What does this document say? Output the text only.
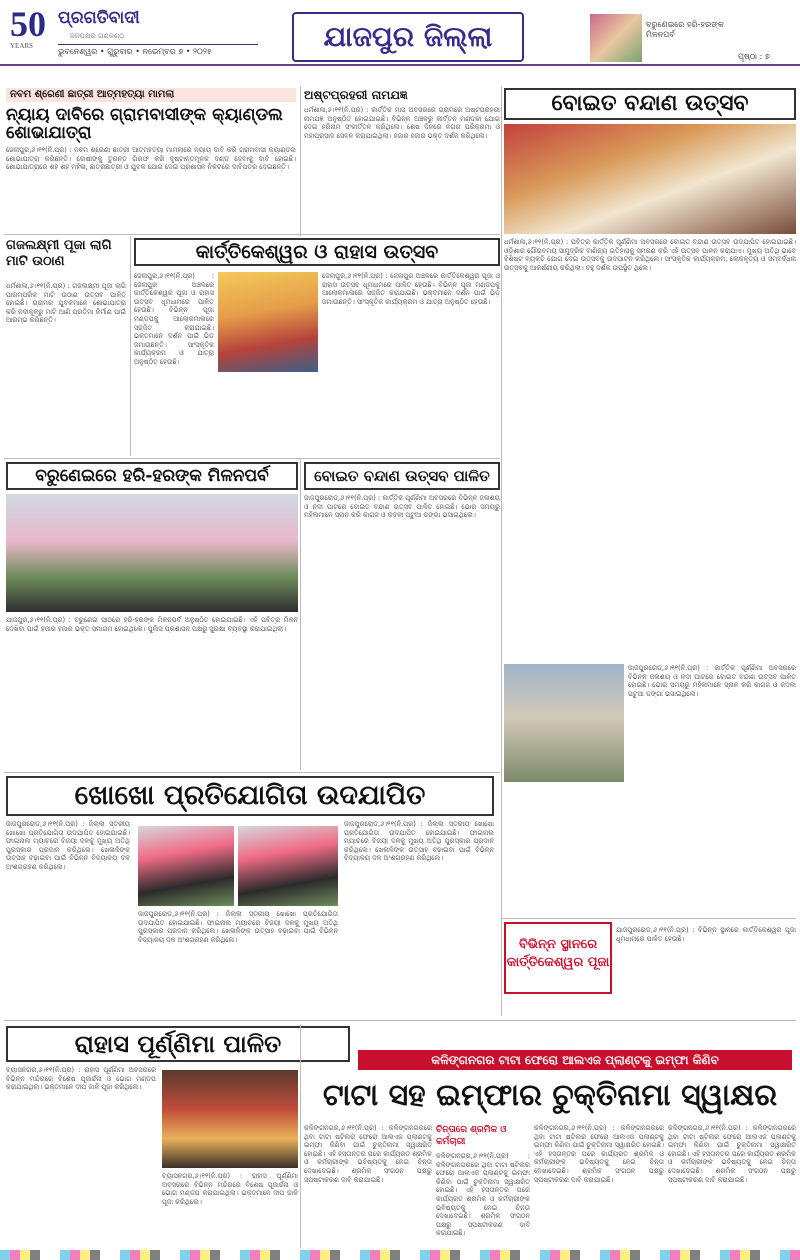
50
YEARS
ପ୍ରଗତିବାଦୀ
ଜନପକ୍ଷର ଗଣକଣ୍ଠ
ଭୁବନେଶ୍ୱର • ଗୁରୁବାର • ନଭେମ୍ବର ୭ • ୨୦୨୫	ଯାଜପୁର ଜିଲ୍ଲା	ବରୁଣେଇରେ ହରି-ହରଙ୍କ ମିଳନପର୍ବ
ପୃଷ୍ଠା : ୭
ନବମ ଶ୍ରେଣୀ ଛାତ୍ରୀ ଆତ୍ମହତ୍ୟା ମାମଲା
ନ୍ୟାୟ ଦାବିରେ ଗ୍ରାମବାସୀଙ୍କ କ୍ୟାଣ୍ଡଲ ଶୋଭାଯାତ୍ରା
ଜେନାପୁର,୬।୧୧(ନି.ପ୍ର) : ନବମ ଶ୍ରେଣୀ ଛାତ୍ରୀ ଆତ୍ମହତ୍ୟା ମାମଲାରେ ନ୍ୟାୟ ଦାବି କରି ଗ୍ରାମବାସୀ କ୍ୟାଣ୍ଡଲ ଶୋଭାଯାତ୍ରା କରିଛନ୍ତି। ଦୋଷୀଙ୍କୁ ତୁରନ୍ତ ଗିରଫ କରି ଦୃଷ୍ଟାନ୍ତମୂଳକ ଦଣ୍ଡ ଦେବାକୁ ଦାବି ହୋଇଛି। ଶୋଭାଯାତ୍ରାରେ ଶହ ଶହ ମହିଳା, ଛାତ୍ରଛାତ୍ରୀ ଓ ଯୁବକ ଯୋଗ ଦେଇ ପ୍ରଶାସନ ନିକଟରେ ଦାବିପତ୍ର ଦେଇଛନ୍ତି।
ଅଷ୍ଟପ୍ରହରୀ ନାମଯଜ୍ଞ
ଧର୍ମଶାଳା,୬।୧୧(ନି.ପ୍ର) : କାର୍ତ୍ତିକ ମାସ ଅବସରରେ ଗ୍ରାମରେ ଅଷ୍ଟପ୍ରହରୀ ନାମଯଜ୍ଞ ଅନୁଷ୍ଠିତ ହୋଇଯାଇଛି। ବିଭିନ୍ନ ଅଞ୍ଚଳରୁ କୀର୍ତ୍ତନ ମଣ୍ଡଳୀ ଯୋଗ ଦେଇ ହରିନାମ ସଂକୀର୍ତ୍ତନ କରିଥିଲେ। ଶେଷ ଦିନରେ ନଗର ପରିକ୍ରମା ଓ ମହାପ୍ରସାଦ ସେବନ କରାଯାଇଥିଲା। ହଜାର ହଜାର ଭକ୍ତ ଦର୍ଶନ କରିଥିଲେ।
ବୋଇତ ବନ୍ଦାଣ ଉତ୍ସବ
ଧର୍ମଶାଳା,୬।୧୧(ନି.ପ୍ର) : ପବିତ୍ର କାର୍ତ୍ତିକ ପୂର୍ଣ୍ଣିମା ଅବସରରେ ବୋଇତ ବନ୍ଦାଣ ଉତ୍ସବ ଉଦ୍ଯାପିତ ହୋଇଯାଇଛି। ଓଡ଼ିଶାର ଗୌରବମୟ ସାମୁଦ୍ରିକ ବାଣିଜ୍ୟ ଇତିହାସକୁ ସ୍ମରଣ କରି ଏହି ଉତ୍ସବ ପାଳନ କରାଯାଏ। ମୁଖ୍ୟ ଅତିଥି ଭାବେ ବିଶିଷ୍ଟ ବ୍ୟକ୍ତି ଯୋଗ ଦେଇ ଉତ୍ସବକୁ ଉଦଘାଟନ କରିଥିଲେ। ସାଂସ୍କୃତିକ କାର୍ଯ୍ୟକ୍ରମ, ଲୋକନୃତ୍ୟ ଓ ସମ୍ବର୍ଦ୍ଧନା ଉତ୍ସବକୁ ଆକର୍ଷଣୀୟ କରିଥିଲା। ବହୁ ଦର୍ଶକ ଉପସ୍ଥିତ ଥିଲେ।
ଗଜଲକ୍ଷ୍ମୀ ପୂଜା ଲାଗି ମାଟି ଉଠାଣ
ଧର୍ମଶାଳା,୬।୧୧(ନି.ପ୍ର) : ଗଜଲକ୍ଷ୍ମୀ ପୂଜା ଲାଗି ପାରମ୍ପରିକ ମାଟି ଉଠାଣ ଉତ୍ସବ ପାଳିତ ହୋଇଛି। ଗ୍ରାମର ଯୁବକମାନେ ଶୋଭାଯାତ୍ରା କରି ନଦୀକୂଳରୁ ମାଟି ଆଣି ପ୍ରତିମା ନିର୍ମାଣ ପାଇଁ ଆରମ୍ଭ କରିଛନ୍ତି।
କାର୍ତ୍ତିକେଶ୍ୱର ଓ ରାହାସ ଉତ୍ସବ
ଜେନାପୁର,୬।୧୧(ନି.ପ୍ର) : ଜେନାପୁର ଅଞ୍ଚଳରେ କାର୍ତ୍ତିକେଶ୍ୱର ପୂଜା ଓ ରାହାସ ଉତ୍ସବ ଧୂମଧାମରେ ପାଳିତ ହେଉଛି। ବିଭିନ୍ନ ପୂଜା ମଣ୍ଡପକୁ ଆଲୋକମାଳାରେ ସଜ୍ଜିତ କରାଯାଇଛି। ଭକ୍ତମାନେ ଦର୍ଶନ ପାଇଁ ଭିଡ଼ ଜମାଉଛନ୍ତି। ସାଂସ୍କୃତିକ କାର୍ଯ୍ୟକ୍ରମ ଓ ଯାତ୍ରା ଅନୁଷ୍ଠିତ ହେଉଛି।
ଜେନାପୁର,୬।୧୧(ନି.ପ୍ର) : ଜେନାପୁର ଅଞ୍ଚଳରେ କାର୍ତ୍ତିକେଶ୍ୱର ପୂଜା ଓ ରାହାସ ଉତ୍ସବ ଧୂମଧାମରେ ପାଳିତ ହେଉଛି। ବିଭିନ୍ନ ପୂଜା ମଣ୍ଡପକୁ ଆଲୋକମାଳାରେ ସଜ୍ଜିତ କରାଯାଇଛି। ଭକ୍ତମାନେ ଦର୍ଶନ ପାଇଁ ଭିଡ଼ ଜମାଉଛନ୍ତି। ସାଂସ୍କୃତିକ କାର୍ଯ୍ୟକ୍ରମ ଓ ଯାତ୍ରା ଅନୁଷ୍ଠିତ ହେଉଛି।
ବରୁଣେଇରେ ହରି-ହରଙ୍କ ମିଳନପର୍ବ
ଯାଜପୁର,୬।୧୧(ନି.ପ୍ର) : ବରୁଣେଇ ପୀଠରେ ହରି-ହରଙ୍କ ମିଳନପର୍ବ ଅନୁଷ୍ଠିତ ହୋଇଯାଇଛି। ଏହି ପବିତ୍ର ମିଳନ ଦେଖିବା ପାଇଁ ହଜାର ହଜାର ଭକ୍ତ ସମାଗମ ହୋଇଥିଲେ। ପୁଲିସ ପ୍ରଶାସନ ପକ୍ଷରୁ ସୁରକ୍ଷା ବ୍ୟବସ୍ଥା କରାଯାଇଥିଲା।
ବୋଇତ ବନ୍ଦାଣ ଉତ୍ସବ ପାଳିତ
ଜାଜପୁରରୋଡ,୬।୧୧(ନି.ପ୍ର) : କାର୍ତ୍ତିକ ପୂର୍ଣ୍ଣିମା ଅବସରରେ ବିଭିନ୍ନ ଜଳାଶୟ ଓ ନଦୀ ଘାଟରେ ବୋଇତ ବନ୍ଦାଣ ଉତ୍ସବ ପାଳିତ ହୋଇଛି। ଭୋର ସମୟରୁ ମହିଳାମାନେ ସ୍ନାନ କରି କାଗଜ ଓ କଦଳୀ ପଟୁଆ ଡଙ୍ଗା ଭସାଇଥିଲେ।
ଜାଜପୁରରୋଡ,୬।୧୧(ନି.ପ୍ର) : କାର୍ତ୍ତିକ ପୂର୍ଣ୍ଣିମା ଅବସରରେ ବିଭିନ୍ନ ଜଳାଶୟ ଓ ନଦୀ ଘାଟରେ ବୋଇତ ବନ୍ଦାଣ ଉତ୍ସବ ପାଳିତ ହୋଇଛି। ଭୋର ସମୟରୁ ମହିଳାମାନେ ସ୍ନାନ କରି କାଗଜ ଓ କଦଳୀ ପଟୁଆ ଡଙ୍ଗା ଭସାଇଥିଲେ।
ଖୋଖୋ ପ୍ରତିଯୋଗିତା ଉଦଯାପିତ
ଜାଜପୁରରୋଡ,୬।୧୧(ନି.ପ୍ର) : ଜିଲ୍ଲା ସ୍ତରୀୟ ଖୋଖୋ ପ୍ରତିଯୋଗିତା ଉଦଯାପିତ ହୋଇଯାଇଛି। ଫାଇନାଲ ମ୍ୟାଚରେ ବିଜୟୀ ଦଳକୁ ମୁଖ୍ୟ ଅତିଥି ପୁରସ୍କାର ପ୍ରଦାନ କରିଥିଲେ। ଖେଳାଳିଙ୍କ ଉତ୍ସାହ ବଢ଼ାଇବା ପାଇଁ ବିଭିନ୍ନ ବିଦ୍ୟାଳୟ ଦଳ ଅଂଶଗ୍ରହଣ କରିଥିଲେ।
ଜାଜପୁରରୋଡ,୬।୧୧(ନି.ପ୍ର) : ଜିଲ୍ଲା ସ୍ତରୀୟ ଖୋଖୋ ପ୍ରତିଯୋଗିତା ଉଦଯାପିତ ହୋଇଯାଇଛି। ଫାଇନାଲ ମ୍ୟାଚରେ ବିଜୟୀ ଦଳକୁ ମୁଖ୍ୟ ଅତିଥି ପୁରସ୍କାର ପ୍ରଦାନ କରିଥିଲେ। ଖେଳାଳିଙ୍କ ଉତ୍ସାହ ବଢ଼ାଇବା ପାଇଁ ବିଭିନ୍ନ ବିଦ୍ୟାଳୟ ଦଳ ଅଂଶଗ୍ରହଣ କରିଥିଲେ।
ଜାଜପୁରରୋଡ,୬।୧୧(ନି.ପ୍ର) : ଜିଲ୍ଲା ସ୍ତରୀୟ ଖୋଖୋ ପ୍ରତିଯୋଗିତା ଉଦଯାପିତ ହୋଇଯାଇଛି। ଫାଇନାଲ ମ୍ୟାଚରେ ବିଜୟୀ ଦଳକୁ ମୁଖ୍ୟ ଅତିଥି ପୁରସ୍କାର ପ୍ରଦାନ କରିଥିଲେ। ଖେଳାଳିଙ୍କ ଉତ୍ସାହ ବଢ଼ାଇବା ପାଇଁ ବିଭିନ୍ନ ବିଦ୍ୟାଳୟ ଦଳ ଅଂଶଗ୍ରହଣ କରିଥିଲେ।
ବିଭିନ୍ନ ସ୍ଥାନରେ କାର୍ତ୍ତିକେଶ୍ୱର ପୂଜା
ଯାଜପୁରରୋଡ,୬।୧୧(ନି.ପ୍ର) : ବିଭିନ୍ନ ସ୍ଥାନରେ କାର୍ତ୍ତିକେଶ୍ୱର ପୂଜା ଧୂମଧାମରେ ପାଳିତ ହେଉଛି।
ରାହାସ ପୂର୍ଣ୍ଣିମା ପାଳିତ
ବ୍ୟାସନଗର,୬।୧୧(ନି.ପ୍ର) : ରାହାସ ପୂର୍ଣ୍ଣିମା ଅବସରରେ ବିଭିନ୍ନ ମନ୍ଦିରରେ ବିଶେଷ ପୂଜାର୍ଚ୍ଚନା ଓ ଭୋଗ ମଣ୍ଡପ କରାଯାଇଥିଲା। ଭକ୍ତମାନେ ଦୀପ ଜାଳି ପୂଜା କରିଥିଲେ।
ବ୍ୟାସନଗର,୬।୧୧(ନି.ପ୍ର) : ରାହାସ ପୂର୍ଣ୍ଣିମା ଅବସରରେ ବିଭିନ୍ନ ମନ୍ଦିରରେ ବିଶେଷ ପୂଜାର୍ଚ୍ଚନା ଓ ଭୋଗ ମଣ୍ଡପ କରାଯାଇଥିଲା। ଭକ୍ତମାନେ ଦୀପ ଜାଳି ପୂଜା କରିଥିଲେ।
କଳିଙ୍ଗନଗର ଟାଟା ଫେରୋ ଆଲଏଜ ପ୍ଲାଣ୍ଟକୁ ଇମ୍ଫା କିଣିବ
ଟାଟା ସହ ଇମ୍ଫାର ଚୁକ୍ତିନାମା ସ୍ୱାକ୍ଷର
କଳିଙ୍ଗନଗର,୬।୧୧(ନି.ପ୍ର) : କଳିଙ୍ଗନଗରରେ ଥିବା ଟାଟା ଷ୍ଟିଲର ଫେରୋ ଆଲଏଜ ପ୍ଲାଣ୍ଟକୁ ଇମ୍ଫା କିଣିବା ପାଇଁ ଚୁକ୍ତିନାମା ସ୍ୱାକ୍ଷରିତ ହୋଇଛି। ଏହି ହସ୍ତାନ୍ତର ପରେ କାର୍ଯ୍ୟରତ ଶ୍ରମିକ ଓ କର୍ମଚାରୀଙ୍କ ଭବିଷ୍ୟତକୁ ନେଇ ଚିନ୍ତା ଦେଖାଦେଇଛି। ଶ୍ରମିକ ସଂଗଠନ ପକ୍ଷରୁ ସ୍ପଷ୍ଟୀକରଣ ଦାବି କରାଯାଇଛି।
ଚିନ୍ତାରେ ଶ୍ରମିକ ଓ କର୍ମଚାରୀ
କଳିଙ୍ଗନଗର,୬।୧୧(ନି.ପ୍ର) : କଳିଙ୍ଗନଗରରେ ଥିବା ଟାଟା ଷ୍ଟିଲର ଫେରୋ ଆଲଏଜ ପ୍ଲାଣ୍ଟକୁ ଇମ୍ଫା କିଣିବା ପାଇଁ ଚୁକ୍ତିନାମା ସ୍ୱାକ୍ଷରିତ ହୋଇଛି। ଏହି ହସ୍ତାନ୍ତର ପରେ କାର୍ଯ୍ୟରତ ଶ୍ରମିକ ଓ କର୍ମଚାରୀଙ୍କ ଭବିଷ୍ୟତକୁ ନେଇ ଚିନ୍ତା ଦେଖାଦେଇଛି। ଶ୍ରମିକ ସଂଗଠନ ପକ୍ଷରୁ ସ୍ପଷ୍ଟୀକରଣ ଦାବି କରାଯାଇଛି।
କଳିଙ୍ଗନଗର,୬।୧୧(ନି.ପ୍ର) : କଳିଙ୍ଗନଗରରେ ଥିବା ଟାଟା ଷ୍ଟିଲର ଫେରୋ ଆଲଏଜ ପ୍ଲାଣ୍ଟକୁ ଇମ୍ଫା କିଣିବା ପାଇଁ ଚୁକ୍ତିନାମା ସ୍ୱାକ୍ଷରିତ ହୋଇଛି। ଏହି ହସ୍ତାନ୍ତର ପରେ କାର୍ଯ୍ୟରତ ଶ୍ରମିକ ଓ କର୍ମଚାରୀଙ୍କ ଭବିଷ୍ୟତକୁ ନେଇ ଚିନ୍ତା ଦେଖାଦେଇଛି। ଶ୍ରମିକ ସଂଗଠନ ପକ୍ଷରୁ ସ୍ପଷ୍ଟୀକରଣ ଦାବି କରାଯାଇଛି।
କଳିଙ୍ଗନଗର,୬।୧୧(ନି.ପ୍ର) : କଳିଙ୍ଗନଗରରେ ଥିବା ଟାଟା ଷ୍ଟିଲର ଫେରୋ ଆଲଏଜ ପ୍ଲାଣ୍ଟକୁ ଇମ୍ଫା କିଣିବା ପାଇଁ ଚୁକ୍ତିନାମା ସ୍ୱାକ୍ଷରିତ ହୋଇଛି। ଏହି ହସ୍ତାନ୍ତର ପରେ କାର୍ଯ୍ୟରତ ଶ୍ରମିକ ଓ କର୍ମଚାରୀଙ୍କ ଭବିଷ୍ୟତକୁ ନେଇ ଚିନ୍ତା ଦେଖାଦେଇଛି। ଶ୍ରମିକ ସଂଗଠନ ପକ୍ଷରୁ ସ୍ପଷ୍ଟୀକରଣ ଦାବି କରାଯାଇଛି।
